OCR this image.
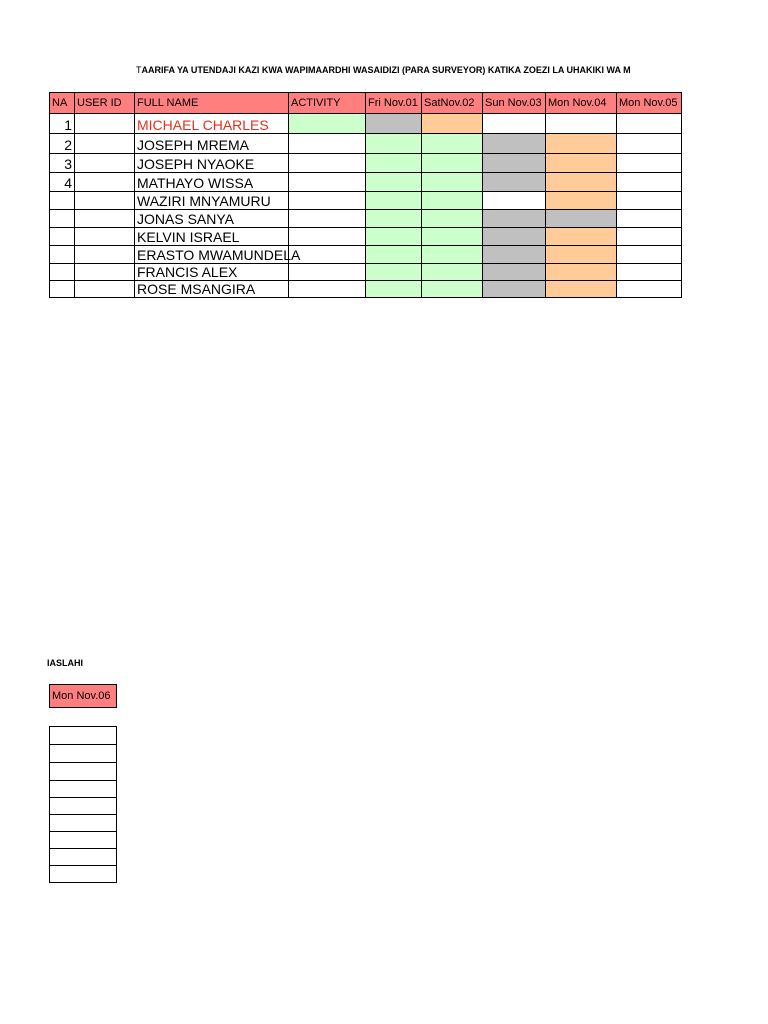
TAARIFA YA UTENDAJI KAZI KWA WAPIMAARDHI WASAIDIZI (PARA SURVEYOR) KATIKA ZOEZI LA UHAKIKI WA M
NA	USER ID	FULL NAME	ACTIVITY	Fri Nov.01	SatNov.02	Sun Nov.03	Mon Nov.04	Mon Nov.05
1		MICHAEL CHARLES						
2		JOSEPH MREMA						
3		JOSEPH NYAOKE						
4		MATHAYO WISSA						
		WAZIRI MNYAMURU						
		JONAS SANYA						
		KELVIN ISRAEL						
		ERASTO MWAMUNDELA						
		FRANCIS ALEX						
		ROSE MSANGIRA						
IASLAHI
Mon Nov.06
